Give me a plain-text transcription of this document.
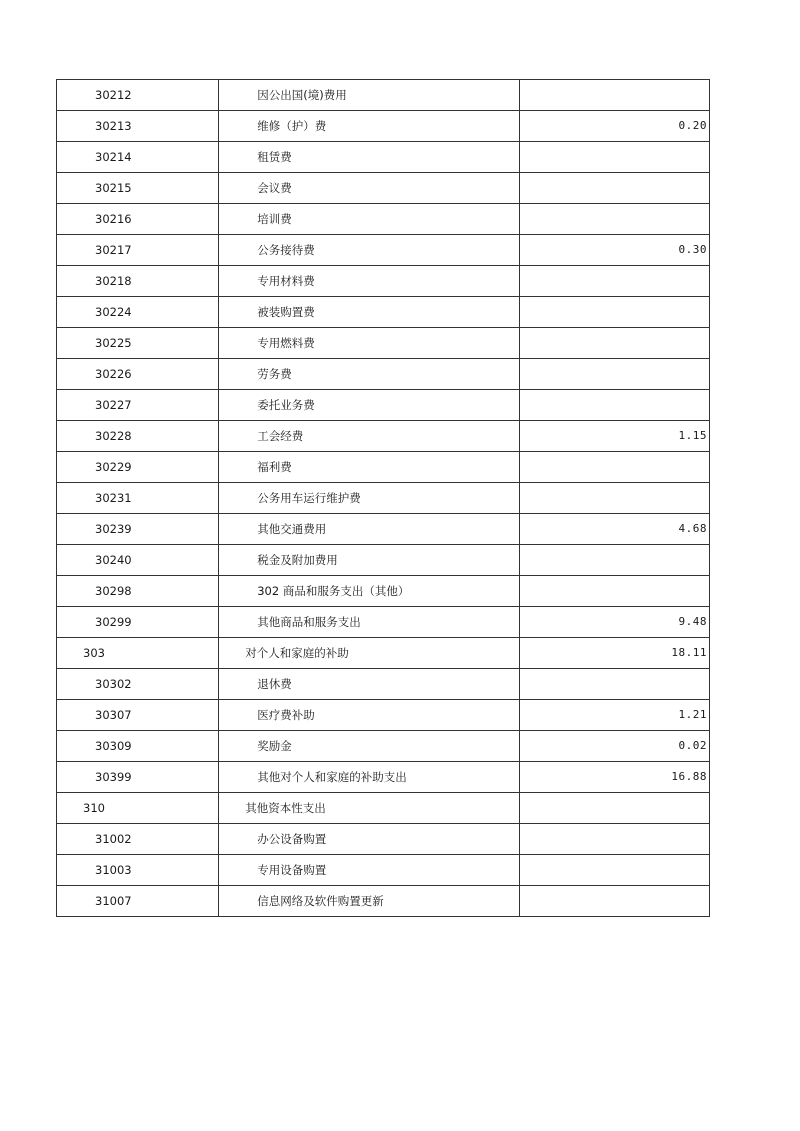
30212	因公出国(境)费用	
30213	维修（护）费	0.20
30214	租赁费	
30215	会议费	
30216	培训费	
30217	公务接待费	0.30
30218	专用材料费	
30224	被装购置费	
30225	专用燃料费	
30226	劳务费	
30227	委托业务费	
30228	工会经费	1.15
30229	福利费	
30231	公务用车运行维护费	
30239	其他交通费用	4.68
30240	税金及附加费用	
30298	302 商品和服务支出（其他）	
30299	其他商品和服务支出	9.48
303	对个人和家庭的补助	18.11
30302	退休费	
30307	医疗费补助	1.21
30309	奖励金	0.02
30399	其他对个人和家庭的补助支出	16.88
310	其他资本性支出	
31002	办公设备购置	
31003	专用设备购置	
31007	信息网络及软件购置更新	
